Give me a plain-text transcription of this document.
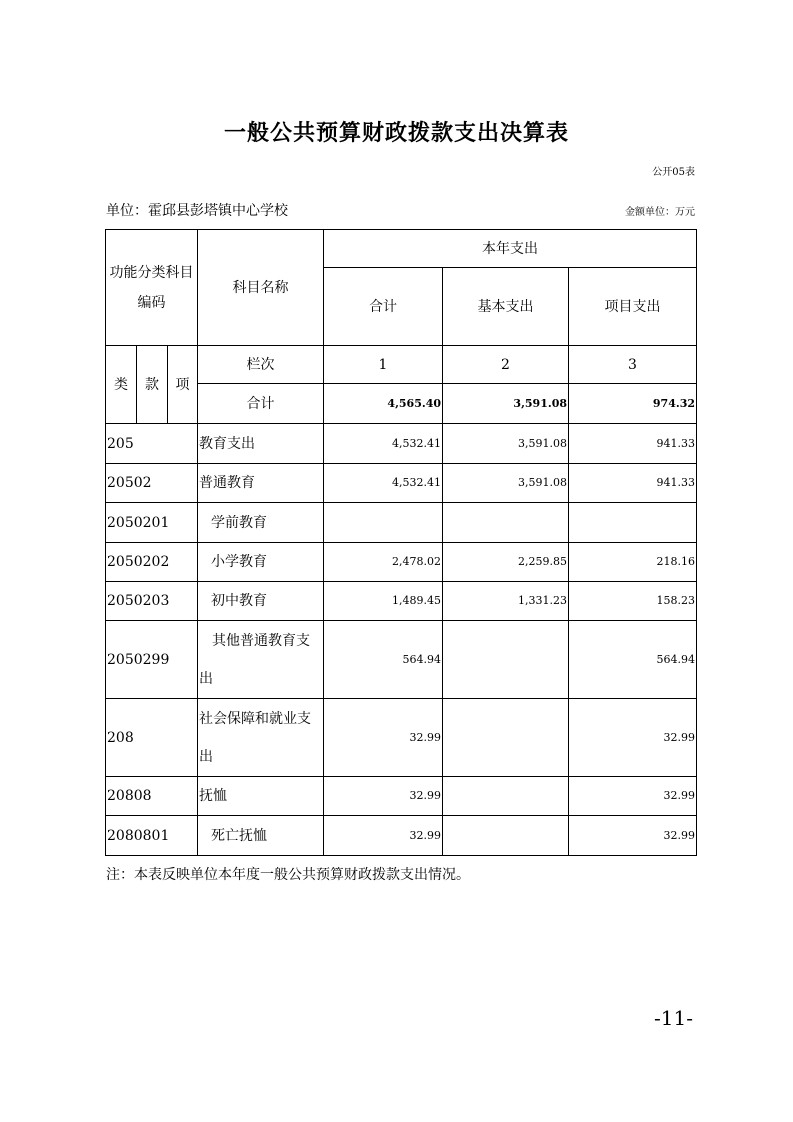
一般公共预算财政拨款支出决算表
公开05表
单位：霍邱县彭塔镇中心学校	金额单位：万元
功能分类科目
编码			科目名称	本年支出		
				合计	基本支出	项目支出
类	款	项	栏次	1	2	3
			合计	4,565.40	3,591.08	974.32
205			教育支出	4,532.41	3,591.08	941.33
20502			普通教育	4,532.41	3,591.08	941.33
2050201			学前教育			
2050202			小学教育	2,478.02	2,259.85	218.16
2050203			初中教育	1,489.45	1,331.23	158.23
2050299			其他普通教育支
出	564.94		564.94
208			社会保障和就业支
出	32.99		32.99
20808			抚恤	32.99		32.99
2080801			死亡抚恤	32.99		32.99
注：本表反映单位本年度一般公共预算财政拨款支出情况。
-11-
